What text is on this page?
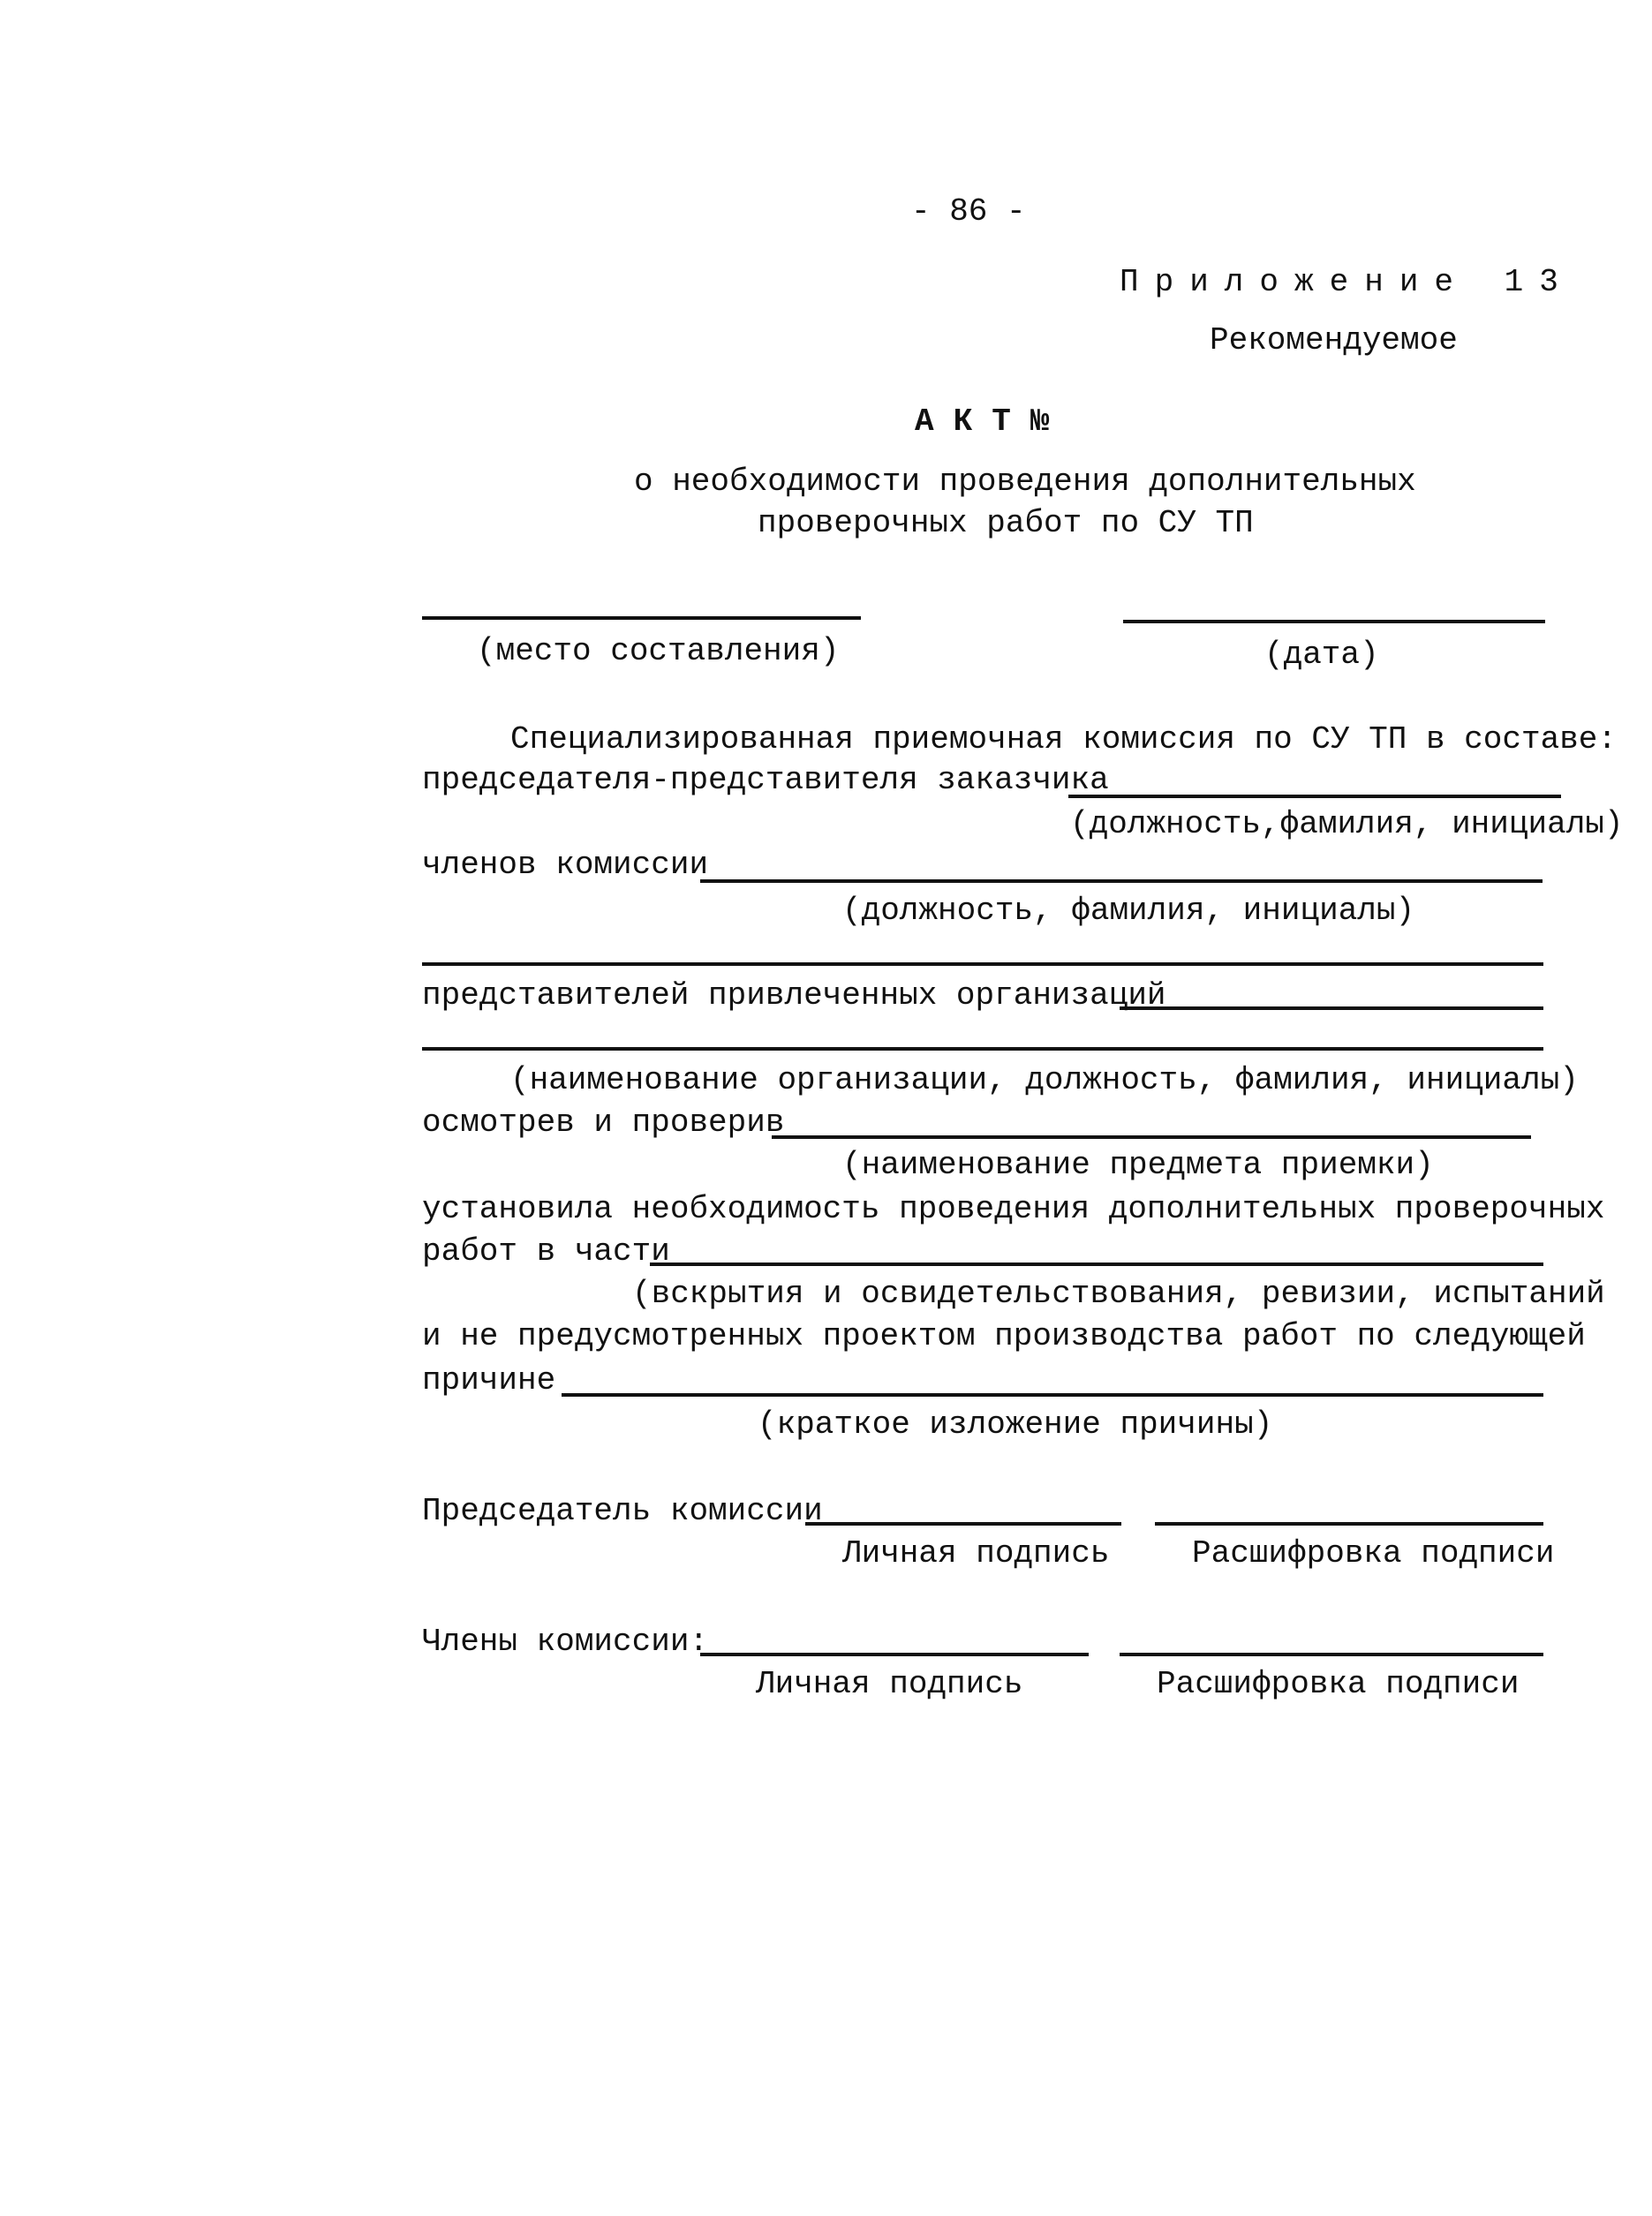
- 86 -
Приложение 13
Рекомендуемое
АКТ№
о необходимости проведения дополнительных
проверочных работ по СУ ТП
(место составления)	(дата)
Специализированная приемочная комиссия по СУ ТП в составе:
председателя-представителя заказчика
(должность,фамилия, инициалы)
членов комиссии
(должность, фамилия, инициалы)
представителей привлеченных организаций
(наименование организации, должность, фамилия, инициалы)
осмотрев и проверив
(наименование предмета приемки)
установила необходимость проведения дополнительных проверочных
работ в части
(вскрытия и освидетельствования, ревизии, испытаний
и не предусмотренных проектом производства работ по следующей
причине
(краткое изложение причины)
Председатель комиссии
Личная подпись	Расшифровка подписи
Члены комиссии:
Личная подпись	Расшифровка подписи
